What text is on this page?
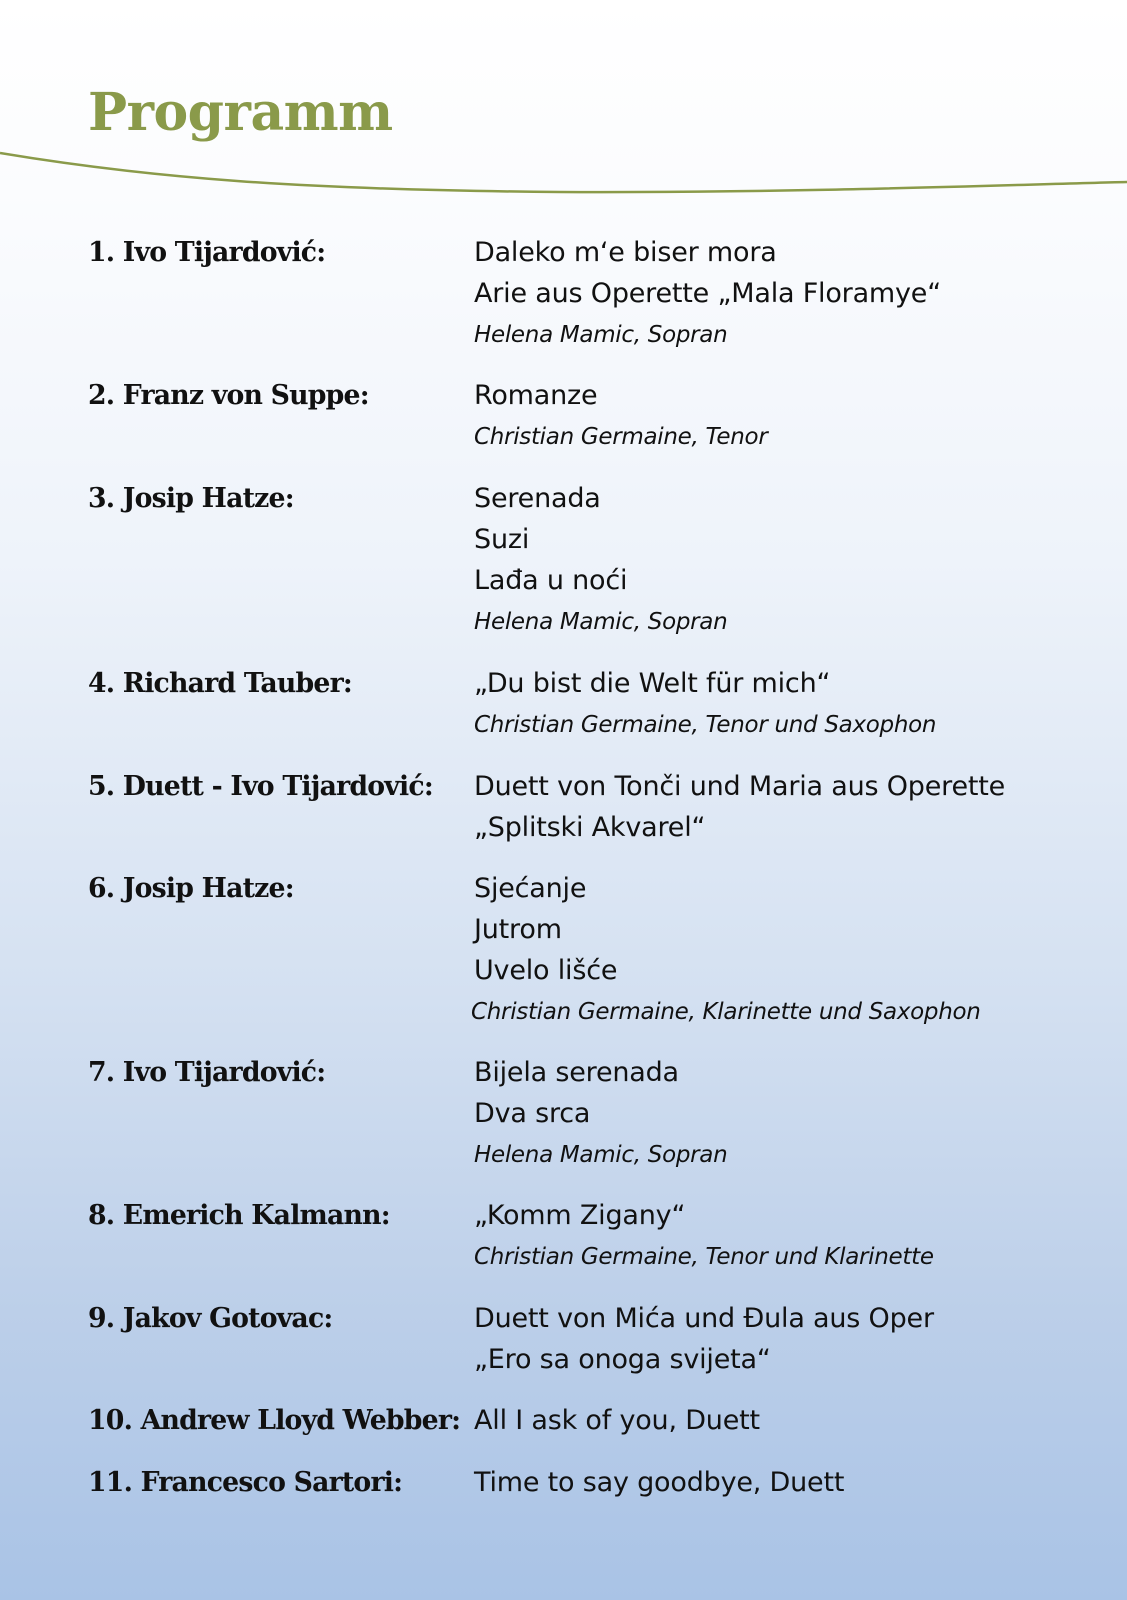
Programm
1. Ivo Tijardović:	Daleko m‘e biser mora
Arie aus Operette „Mala Floramye“
Helena Mamic, Sopran
2. Franz von Suppe:	Romanze
Christian Germaine, Tenor
3. Josip Hatze:	Serenada
Suzi
Lađa u noći
Helena Mamic, Sopran
4. Richard Tauber:	„Du bist die Welt für mich“
Christian Germaine, Tenor und Saxophon
5. Duett - Ivo Tijardović:	Duett von Tonči und Maria aus Operette
„Splitski Akvarel“
6. Josip Hatze:	Sjećanje
Jutrom
Uvelo lišće
Christian Germaine, Klarinette und Saxophon
7. Ivo Tijardović:	Bijela serenada
Dva srca
Helena Mamic, Sopran
8. Emerich Kalmann:	„Komm Zigany“
Christian Germaine, Tenor und Klarinette
9. Jakov Gotovac:	Duett von Mića und Đula aus Oper
„Ero sa onoga svijeta“
10. Andrew Lloyd Webber: All I ask of you, Duett
11. Francesco Sartori:	Time to say goodbye, Duett
